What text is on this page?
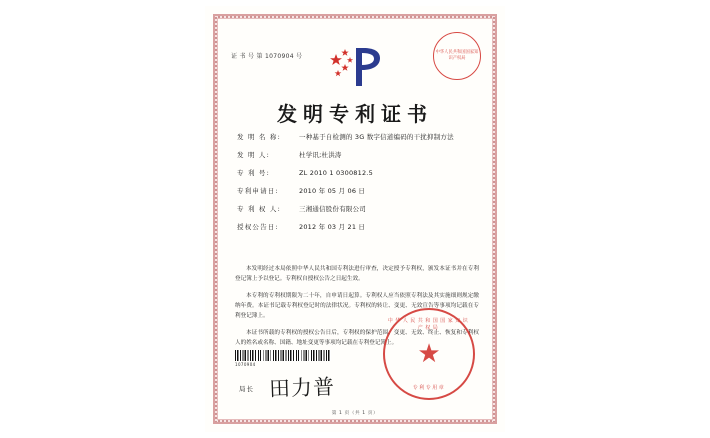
证 书 号 第 1070904 号	中华人民共和国国家知识产权局
发明专利证书
发 明 名 称:	一种基于自检测的 3G 数字信道编码的干扰抑制方法
发 明 人:	杜学讯;杜洪涛
专 利 号:	ZL 2010 1 0300812.5
专利申请日:	2010 年 05 月 06 日
专 利 权 人:	三湘通信股份有限公司
授权公告日:	2012 年 03 月 21 日

本发明经过本局依照中华人民共和国专利法进行审查，决定授予专利权，颁发本证书并在专利登记簿上予以登记。专利权自授权公告之日起生效。

本专利的专利权期限为二十年，自申请日起算。专利权人应当依照专利法及其实施细则规定缴纳年费。本证书记载专利权登记时的法律状况。专利权的转让、变更、无效宣告等事项均记载在专利登记簿上。

本证书所载的专利权的授权公告日后，专利权的保护范围、变更、无效、终止、恢复和专利权人的姓名或名称、国籍、地址变更等事项均记载在专利登记簿上。

1070904
局长 田力普
中华人民共和国国家知识产权局
★
专利专用章
第 1 页（共 1 页）
